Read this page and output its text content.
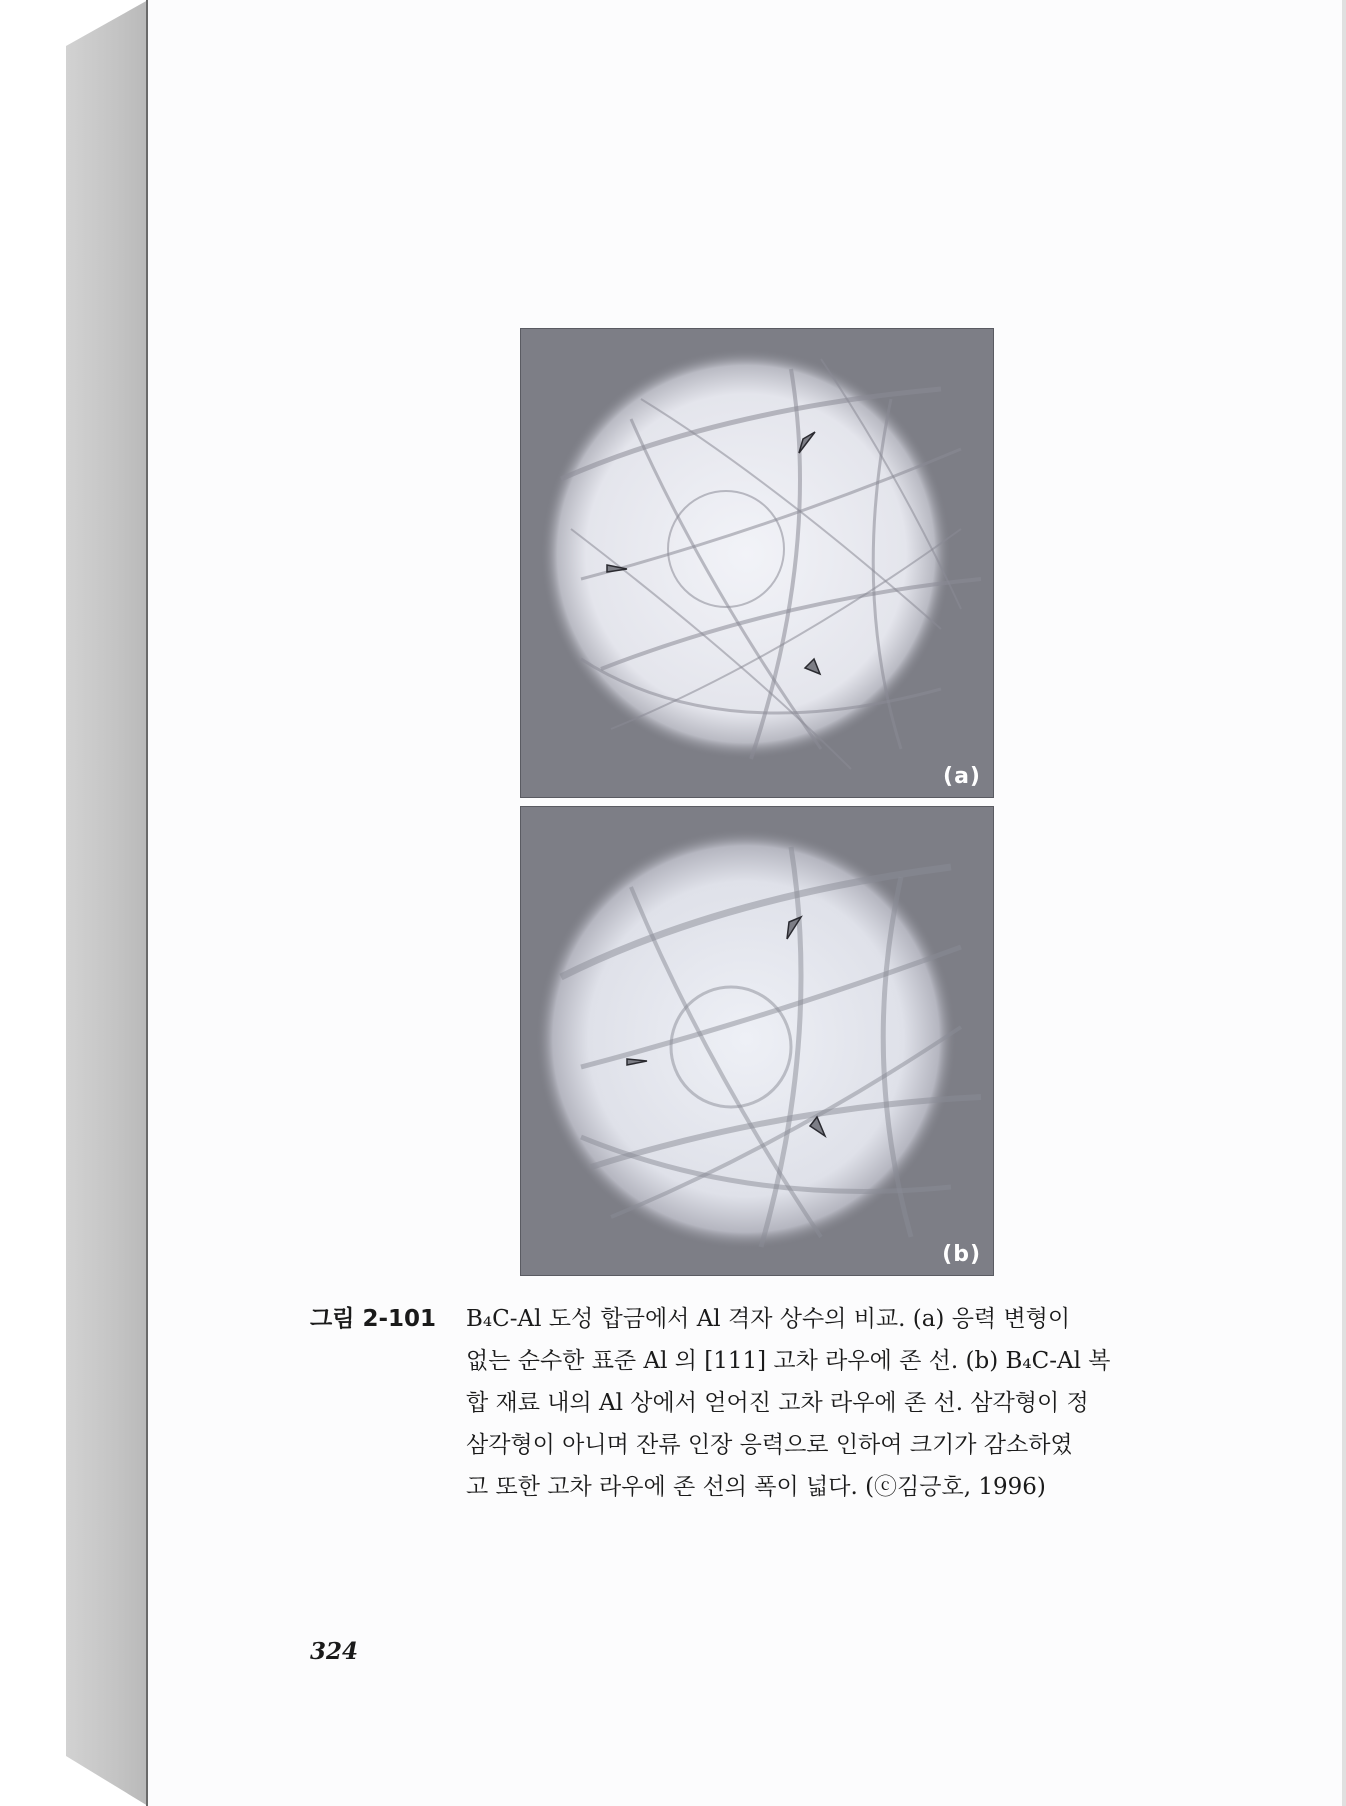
(a)
(b)
그림 2-101 B₄C-Al 도성 합금에서 Al 격자 상수의 비교. (a) 응력 변형이
없는 순수한 표준 Al 의 [111] 고차 라우에 존 선. (b) B₄C-Al 복
합 재료 내의 Al 상에서 얻어진 고차 라우에 존 선. 삼각형이 정
삼각형이 아니며 잔류 인장 응력으로 인하여 크기가 감소하였
고 또한 고차 라우에 존 선의 폭이 넓다. (ⓒ김긍호, 1996)
324
